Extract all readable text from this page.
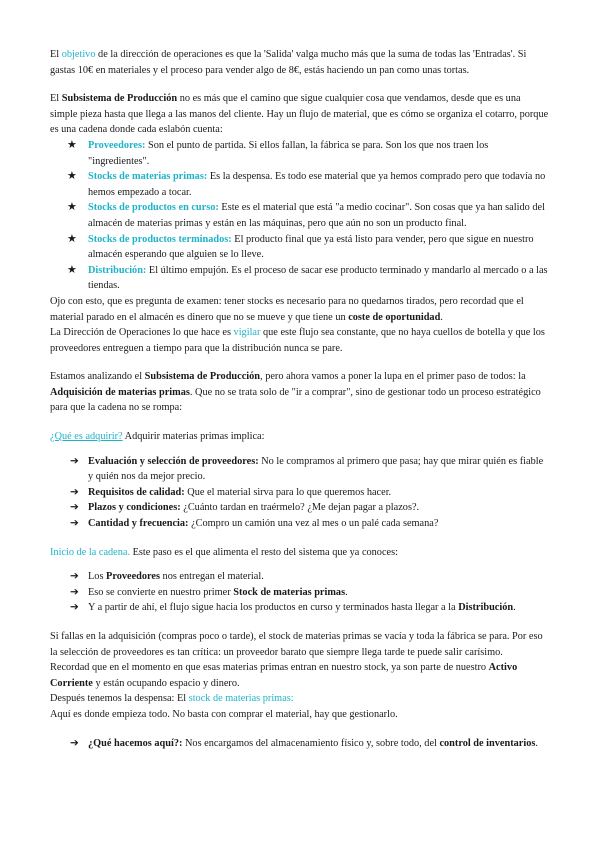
El objetivo de la dirección de operaciones es que la 'Salida' valga mucho más que la suma de todas las 'Entradas'. Si gastas 10€ en materiales y el proceso para vender algo de 8€, estás haciendo un pan como unas tortas.

El Subsistema de Producción no es más que el camino que sigue cualquier cosa que vendamos, desde que es una simple pieza hasta que llega a las manos del cliente. Hay un flujo de material, que es cómo se organiza el cotarro, porque es una cadena donde cada eslabón cuenta:

★ Proveedores: Son el punto de partida. Si ellos fallan, la fábrica se para. Son los que nos traen los "ingredientes".
★ Stocks de materias primas: Es la despensa. Es todo ese material que ya hemos comprado pero que todavía no hemos empezado a tocar.
★ Stocks de productos en curso: Este es el material que está "a medio cocinar". Son cosas que ya han salido del almacén de materias primas y están en las máquinas, pero que aún no son un producto final.
★ Stocks de productos terminados: El producto final que ya está listo para vender, pero que sigue en nuestro almacén esperando que alguien se lo lleve.
★ Distribución: El último empujón. Es el proceso de sacar ese producto terminado y mandarlo al mercado o a las tiendas.

Ojo con esto, que es pregunta de examen: tener stocks es necesario para no quedarnos tirados, pero recordad que el material parado en el almacén es dinero que no se mueve y que tiene un coste de oportunidad.

La Dirección de Operaciones lo que hace es vigilar que este flujo sea constante, que no haya cuellos de botella y que los proveedores entreguen a tiempo para que la distribución nunca se pare.

Estamos analizando el Subsistema de Producción, pero ahora vamos a poner la lupa en el primer paso de todos: la Adquisición de materias primas. Que no se trata solo de "ir a comprar", sino de gestionar todo un proceso estratégico para que la cadena no se rompa:

¿Qué es adquirir? Adquirir materias primas implica:

➔ Evaluación y selección de proveedores: No le compramos al primero que pasa; hay que mirar quién es fiable y quién nos da mejor precio.
➔ Requisitos de calidad: Que el material sirva para lo que queremos hacer.
➔ Plazos y condiciones: ¿Cuánto tardan en traérmelo? ¿Me dejan pagar a plazos?.
➔ Cantidad y frecuencia: ¿Compro un camión una vez al mes o un palé cada semana?

Inicio de la cadena. Este paso es el que alimenta el resto del sistema que ya conoces:

➔ Los Proveedores nos entregan el material.
➔ Eso se convierte en nuestro primer Stock de materias primas.
➔ Y a partir de ahí, el flujo sigue hacia los productos en curso y terminados hasta llegar a la Distribución.

Si fallas en la adquisición (compras poco o tarde), el stock de materias primas se vacía y toda la fábrica se para. Por eso la selección de proveedores es tan crítica: un proveedor barato que siempre llega tarde te puede salir carísimo.

Recordad que en el momento en que esas materias primas entran en nuestro stock, ya son parte de nuestro Activo Corriente y están ocupando espacio y dinero.

Después tenemos la despensa: El stock de materias primas:

Aquí es donde empieza todo. No basta con comprar el material, hay que gestionarlo.

➔ ¿Qué hacemos aquí?: Nos encargamos del almacenamiento físico y, sobre todo, del control de inventarios.
